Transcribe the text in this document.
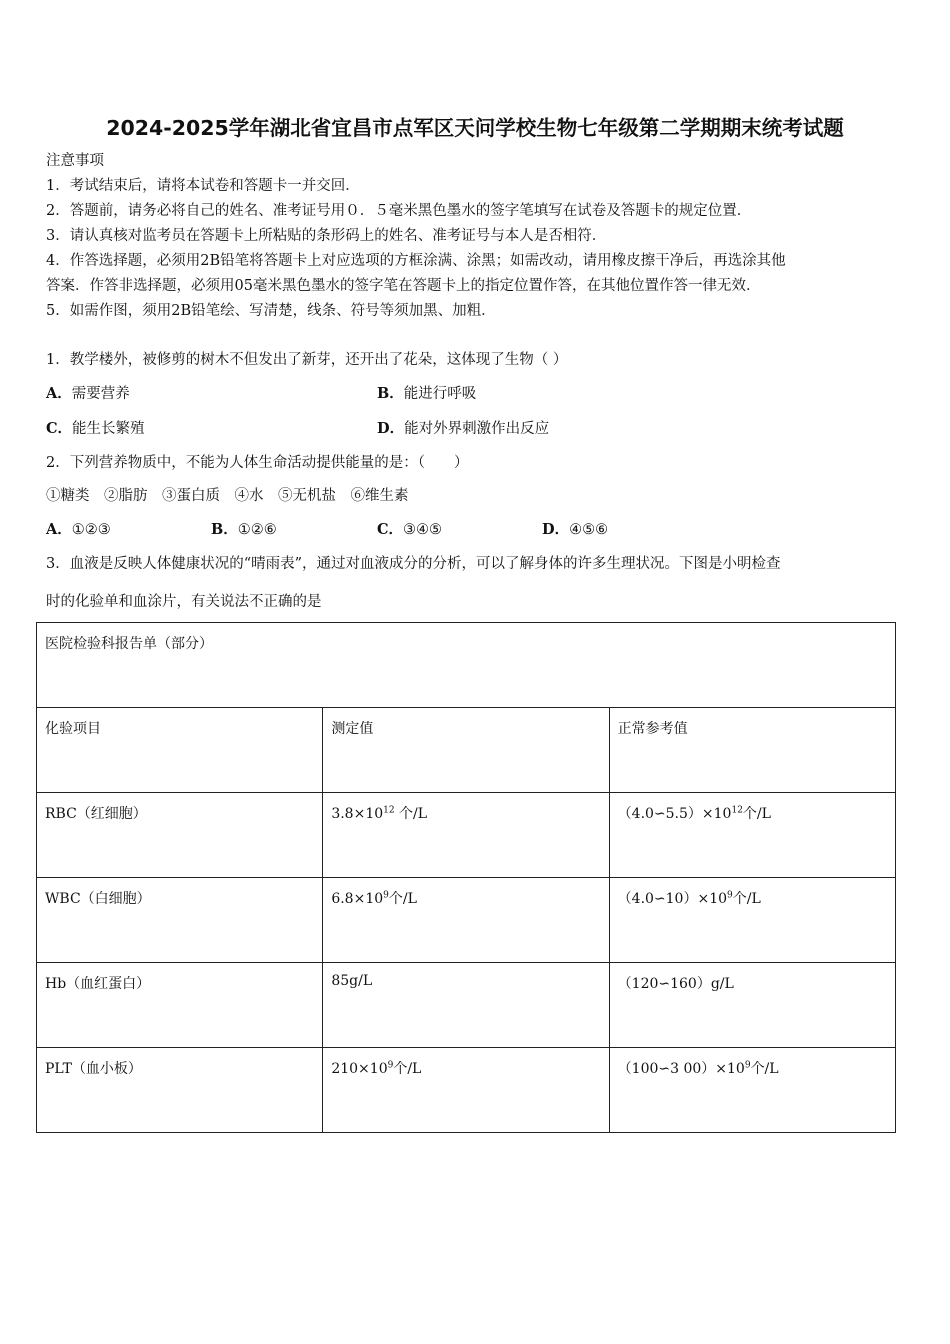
2024-2025学年湖北省宜昌市点军区天问学校生物七年级第二学期期末统考试题
注意事项
1．考试结束后，请将本试卷和答题卡一并交回．
2．答题前，请务必将自己的姓名、准考证号用０．５毫米黑色墨水的签字笔填写在试卷及答题卡的规定位置．
3．请认真核对监考员在答题卡上所粘贴的条形码上的姓名、准考证号与本人是否相符．
4．作答选择题，必须用2B铅笔将答题卡上对应选项的方框涂满、涂黑；如需改动，请用橡皮擦干净后，再选涂其他
答案．作答非选择题，必须用05毫米黑色墨水的签字笔在答题卡上的指定位置作答，在其他位置作答一律无效．
5．如需作图，须用2B铅笔绘、写清楚，线条、符号等须加黑、加粗．
1．教学楼外，被修剪的树木不但发出了新芽，还开出了花朵，这体现了生物（ ）
A．需要营养	B．能进行呼吸
C．能生长繁殖	D．能对外界刺激作出反应
2．下列营养物质中，不能为人体生命活动提供能量的是：（　　）
①糖类　②脂肪　③蛋白质　④水　⑤无机盐　⑥维生素
A．①②③	B．①②⑥	C．③④⑤	D．④⑤⑥
3．血液是反映人体健康状况的“晴雨表”，通过对血液成分的分析，可以了解身体的许多生理状况。下图是小明检查
时的化验单和血涂片，有关说法不正确的是
医院检验科报告单（部分）		
化验项目	测定值	正常参考值
RBC（红细胞）	$3.8\times 10^{12}$ 个/L	$(4.0∽5.5)\times 10^{12}$个/L
WBC（白细胞）	$6.8\times 10^9$个/L	$(4.0∽10)\times 10^9$个/L
Hb（血红蛋白）	85g/L	（120∽160）g/L
PLT（血小板）	$210\times 10^9$个/L	（100∽3 $00)\times 10^9$个/L
